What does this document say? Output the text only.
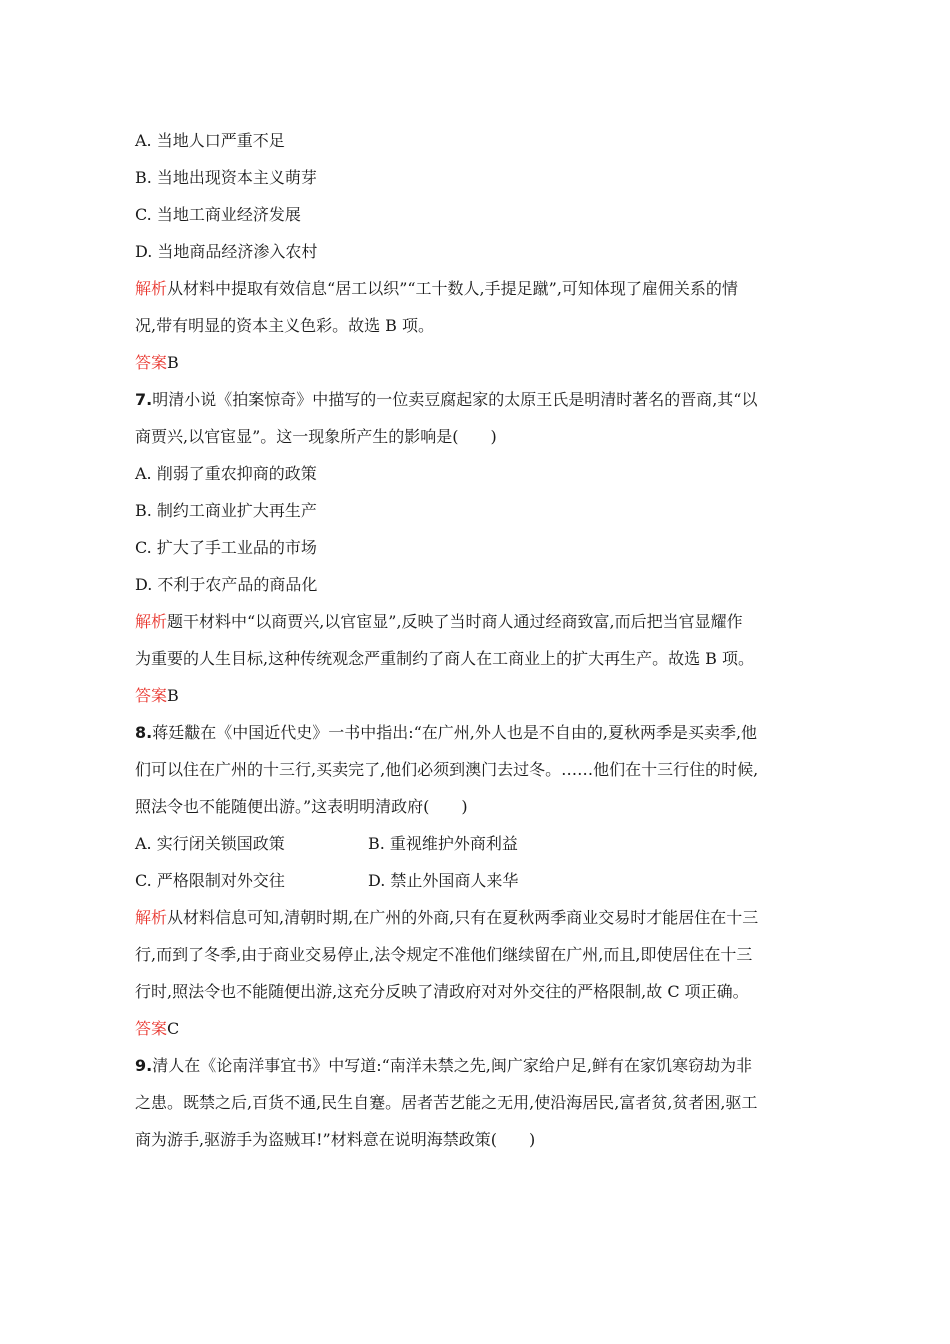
A. 当地人口严重不足
B. 当地出现资本主义萌芽
C. 当地工商业经济发展
D. 当地商品经济渗入农村
解析从材料中提取有效信息“居工以织”“工十数人,手提足蹴”,可知体现了雇佣关系的情
况,带有明显的资本主义色彩。故选 B 项。
答案B
7.明清小说《拍案惊奇》中描写的一位卖豆腐起家的太原王氏是明清时著名的晋商,其“以
商贾兴,以官宦显”。这一现象所产生的影响是(　　)
A. 削弱了重农抑商的政策
B. 制约工商业扩大再生产
C. 扩大了手工业品的市场
D. 不利于农产品的商品化
解析题干材料中“以商贾兴,以官宦显”,反映了当时商人通过经商致富,而后把当官显耀作
为重要的人生目标,这种传统观念严重制约了商人在工商业上的扩大再生产。故选 B 项。
答案B
8.蒋廷黻在《中国近代史》一书中指出:“在广州,外人也是不自由的,夏秋两季是买卖季,他
们可以住在广州的十三行,买卖完了,他们必须到澳门去过冬。……他们在十三行住的时候,
照法令也不能随便出游。”这表明明清政府(　　)
A. 实行闭关锁国政策	B. 重视维护外商利益
C. 严格限制对外交往	D. 禁止外国商人来华
解析从材料信息可知,清朝时期,在广州的外商,只有在夏秋两季商业交易时才能居住在十三
行,而到了冬季,由于商业交易停止,法令规定不准他们继续留在广州,而且,即使居住在十三
行时,照法令也不能随便出游,这充分反映了清政府对对外交往的严格限制,故 C 项正确。
答案C
9.清人在《论南洋事宜书》中写道:“南洋未禁之先,闽广家给户足,鲜有在家饥寒窃劫为非
之患。既禁之后,百货不通,民生自蹇。居者苦艺能之无用,使沿海居民,富者贫,贫者困,驱工
商为游手,驱游手为盗贼耳!”材料意在说明海禁政策(　　)
